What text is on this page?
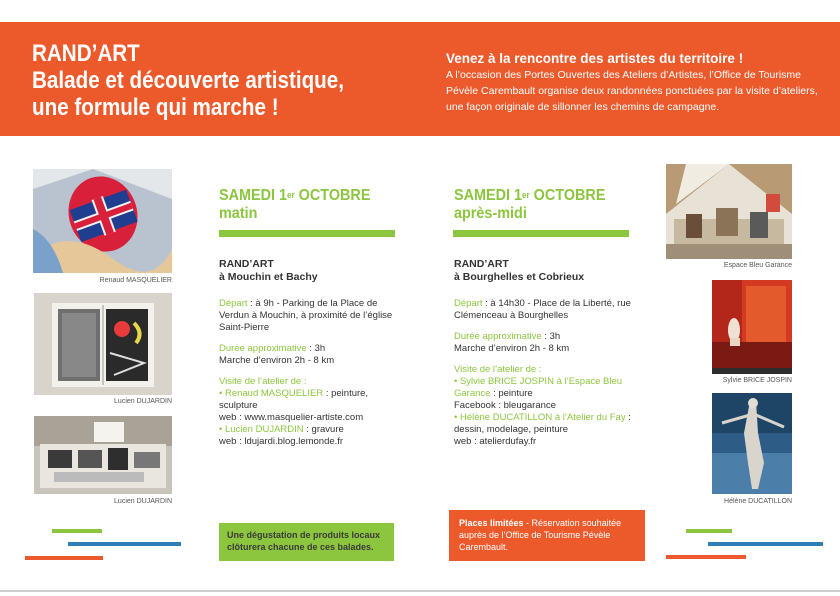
RAND’ART
Balade et découverte artistique,
une formule qui marche !
Venez à la rencontre des artistes du territoire !
A l’occasion des Portes Ouvertes des Ateliers d’Artistes, l’Office de Tourisme Pévèle Carembault organise deux randonnées ponctuées par la visite d’ateliers, une façon originale de sillonner les chemins de campagne.
Renaud MASQUELIER
Lucien DUJARDIN
Lucien DUJARDIN
Espace Bleu Garance
Sylvie BRICE JOSPIN
Hélène DUCATILLON
SAMEDI 1er OCTOBRE
matin
RAND’ART
à Mouchin et Bachy
Départ : à 9h - Parking de la Place de Verdun à Mouchin, à proximité de l’église Saint-Pierre
Durée approximative : 3h
Marche d’environ 2h - 8 km
Visite de l’atelier de :
• Renaud MASQUELIER : peinture, sculpture
web : www.masquelier-artiste.com
• Lucien DUJARDIN : gravure
web : ldujardi.blog.lemonde.fr
SAMEDI 1er OCTOBRE
après-midi
RAND’ART
à Bourghelles et Cobrieux
Départ : à 14h30 - Place de la Liberté, rue Clémenceau à Bourghelles
Durée approximative : 3h
Marche d’environ 2h - 8 km
Visite de l’atelier de :
• Sylvie BRICE JOSPIN à l’Espace Bleu Garance : peinture
Facebook : bleugarance
• Hélène DUCATILLON à l’Atelier du Fay : dessin, modelage, peinture
web : atelierdufay.fr
Une dégustation de produits locaux clôturera chacune de ces balades.
Places limitées - Réservation souhaitée auprès de l’Office de Tourisme Pévèle Carembault.
